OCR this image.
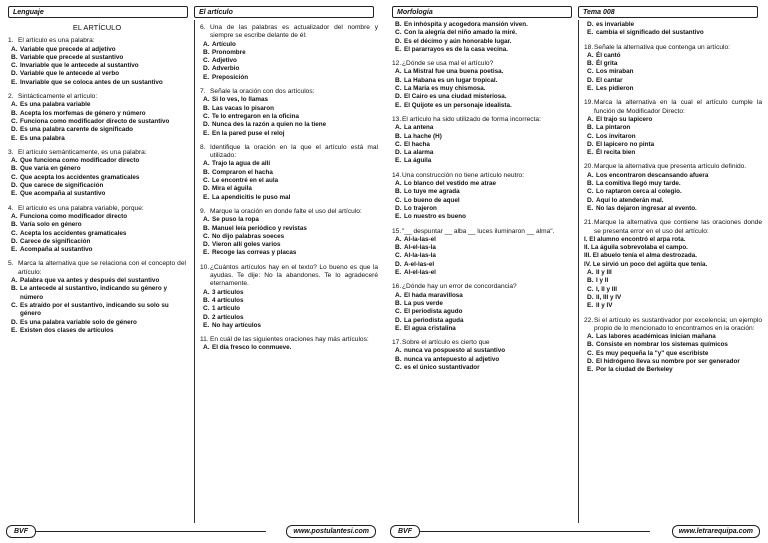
Lenguaje	El artículo
EL ARTÍCULO
1. El artículo es una palabra:
A. Variable que precede al adjetivo
B. Variable que precede al sustantivo
C. Invariable que le antecede al sustantivo
D. Variable que le antecede al verbo
E. Invariable que se coloca antes de un sustantivo
2. Sintácticamente el artículo:
A. Es una palabra variable
B. Acepta los morfemas de género y número
C. Funciona como modificador directo de sustantivo
D. Es una palabra carente de significado
E. Es una palabra
3. El artículo semánticamente, es una palabra:
A. Que funciona como modificador directo
B. Que varía en género
C. Que acepta los accidentes gramaticales
D. Que carece de significación
E. Que acompaña al sustantivo
4. El artículo es una palabra variable, porque:
A. Funciona como modificador directo
B. Varía solo en género
C. Acepta los accidentes gramaticales
D. Carece de significación
E. Acompaña al sustantivo
5. Marca la alternativa que se relaciona con el concepto del artículo:
A. Palabra que va antes y después del sustantivo
B. Le antecede al sustantivo, indicando su género y número
C. Es atraído por el sustantivo, indicando su solo su género
D. Es una palabra variable solo de género
E. Existen dos clases de artículos
6. Una de las palabras es actualizador del nombre y siempre se escribe delante de él:
A. Artículo
B. Pronombre
C. Adjetivo
D. Adverbio
E. Preposición
7. Señale la oración con dos artículos:
A. Si lo ves, lo llamas
B. Las vacas lo pisaron
C. Te lo entregaron en la oficina
D. Nunca des la razón a quien no la tiene
E. En la pared puse el reloj
8. Identifique la oración en la que el artículo está mal utilizado:
A. Trajo la agua de allí
B. Compraron el hacha
C. Le encontré en el aula
D. Mira el águila
E. La apendicitis le puso mal
9. Marque la oración en donde falte el uso del artículo:
A. Se puso la ropa
B. Manuel leía periódico y revistas
C. No dijo palabras soeces
D. Vieron allí goles varios
E. Recoge las correas y placas
10. ¿Cuántos artículos hay en el texto? Lo bueno es que la ayudas. Te dije: No la abandones. Te lo agradeceré eternamente.
A. 3 artículos
B. 4 artículos
C. 1 artículo
D. 2 artículos
E. No hay artículos
11. En cuál de las siguientes oraciones hay más artículos:
A. El día fresco lo conmueve.
BVF	www.postulantesi.com
Morfología	Tema 008
B. En inhóspita y acogedora mansión viven.
C. Con la alegría del niño amado la miré.
D. Es el décimo y aún honorable lugar.
E. El pararrayos es de la casa vecina.
12. ¿Dónde se usa mal el artículo?
A. La Mistral fue una buena poetisa.
B. La Habana es un lugar tropical.
C. La María es muy chismosa.
D. El Cairo es una ciudad misteriosa.
E. El Quijote es un personaje idealista.
13. El artículo ha sido utilizado de forma incorrecta:
A. La antena
B. La hache (H)
C. El hacha
D. La alarma
E. La águila
14. Una construcción no tiene artículo neutro:
A. Lo blanco del vestido me atrae
B. Lo tuye me agrada
C. Lo bueno de aquel
D. Lo trajeron
E. Lo nuestro es bueno
15. "__ despuntar __ alba __ luces iluminaron __ alma".
A. Al-la-las-el
B. Al-el-las-la
C. Al-la-las-la
D. A-el-las-el
E. Al-el-las-el
16. ¿Dónde hay un error de concordancia?
A. El hada maravillosa
B. La pus verde
C. El periodista agudo
D. La periodista aguda
E. El agua cristalina
17. Sobre el artículo es cierto que
A. nunca va pospuesto al sustantivo
B. nunca va antepuesto al adjetivo
C. es el único sustantivador
D. es invariable
E. cambia el significado del sustantivo
18. Señale la alternativa que contenga un artículo:
A. Él cantó
B. Él grita
C. Los miraban
D. El cantar
E. Les pidieron
19. Marca la alternativa en la cual el artículo cumple la función de Modificador Directo:
A. El trajo su lapicero
B. La pintaron
C. Los invitaron
D. El lapicero no pinta
E. Él recita bien
20. Marque la alternativa que presenta artículo definido.
A. Los encontraron descansando afuera
B. La comitiva llegó muy tarde.
C. Lo raptaron cerca al colegio.
D. Aquí lo atenderán mal.
E. No las dejaron ingresar al evento.
21. Marque la alternativa que contiene las oraciones donde se presenta error en el uso del artículo:
I. El alumno encontró el arpa rota.
II. La águila sobrevolaba el campo.
III. El abuelo tenía el alma destrozada.
IV. Le sirvió un poco del agüita que tenía.
A. II y III
B. I y II
C. I, II y III
D. II, III y IV
E. II y IV
22. Si el artículo es sustantivador por excelencia; un ejemplo propio de lo mencionado lo encontramos en la oración:
A. Las labores académicas inician mañana
B. Consiste en nombrar los sistemas químicos
C. Es muy pequeña la "y" que escribiste
D. El hidrógeno lleva su nombre por ser generador
E. Por la ciudad de Berkeley
BVF	www.letrarequipa.com
